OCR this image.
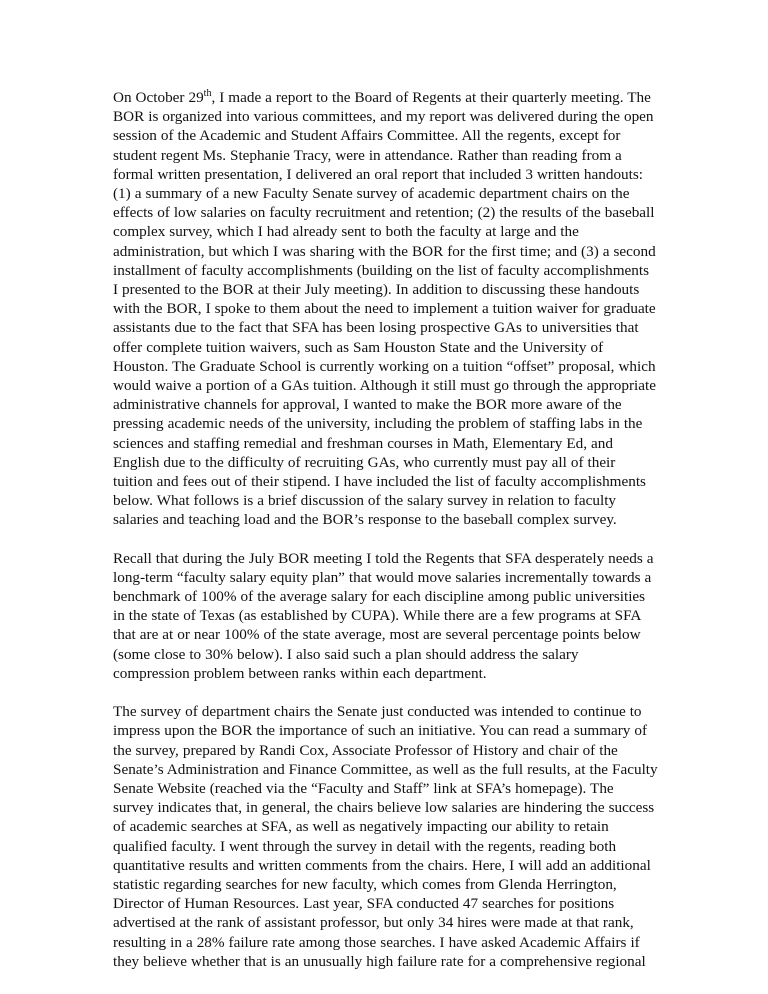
On October 29th, I made a report to the Board of Regents at their quarterly meeting. The BOR is organized into various committees, and my report was delivered during the open session of the Academic and Student Affairs Committee. All the regents, except for student regent Ms. Stephanie Tracy, were in attendance. Rather than reading from a formal written presentation, I delivered an oral report that included 3 written handouts: (1) a summary of a new Faculty Senate survey of academic department chairs on the effects of low salaries on faculty recruitment and retention; (2) the results of the baseball complex survey, which I had already sent to both the faculty at large and the administration, but which I was sharing with the BOR for the first time; and (3) a second installment of faculty accomplishments (building on the list of faculty accomplishments I presented to the BOR at their July meeting). In addition to discussing these handouts with the BOR, I spoke to them about the need to implement a tuition waiver for graduate assistants due to the fact that SFA has been losing prospective GAs to universities that offer complete tuition waivers, such as Sam Houston State and the University of Houston. The Graduate School is currently working on a tuition “offset” proposal, which would waive a portion of a GAs tuition. Although it still must go through the appropriate administrative channels for approval, I wanted to make the BOR more aware of the pressing academic needs of the university, including the problem of staffing labs in the sciences and staffing remedial and freshman courses in Math, Elementary Ed, and English due to the difficulty of recruiting GAs, who currently must pay all of their tuition and fees out of their stipend. I have included the list of faculty accomplishments below. What follows is a brief discussion of the salary survey in relation to faculty salaries and teaching load and the BOR’s response to the baseball complex survey.

Recall that during the July BOR meeting I told the Regents that SFA desperately needs a long-term “faculty salary equity plan” that would move salaries incrementally towards a benchmark of 100% of the average salary for each discipline among public universities in the state of Texas (as established by CUPA). While there are a few programs at SFA that are at or near 100% of the state average, most are several percentage points below (some close to 30% below). I also said such a plan should address the salary compression problem between ranks within each department.

The survey of department chairs the Senate just conducted was intended to continue to impress upon the BOR the importance of such an initiative. You can read a summary of the survey, prepared by Randi Cox, Associate Professor of History and chair of the Senate’s Administration and Finance Committee, as well as the full results, at the Faculty Senate Website (reached via the “Faculty and Staff” link at SFA’s homepage). The survey indicates that, in general, the chairs believe low salaries are hindering the success of academic searches at SFA, as well as negatively impacting our ability to retain qualified faculty. I went through the survey in detail with the regents, reading both quantitative results and written comments from the chairs. Here, I will add an additional statistic regarding searches for new faculty, which comes from Glenda Herrington, Director of Human Resources. Last year, SFA conducted 47 searches for positions advertised at the rank of assistant professor, but only 34 hires were made at that rank, resulting in a 28% failure rate among those searches. I have asked Academic Affairs if they believe whether that is an unusually high failure rate for a comprehensive regional
